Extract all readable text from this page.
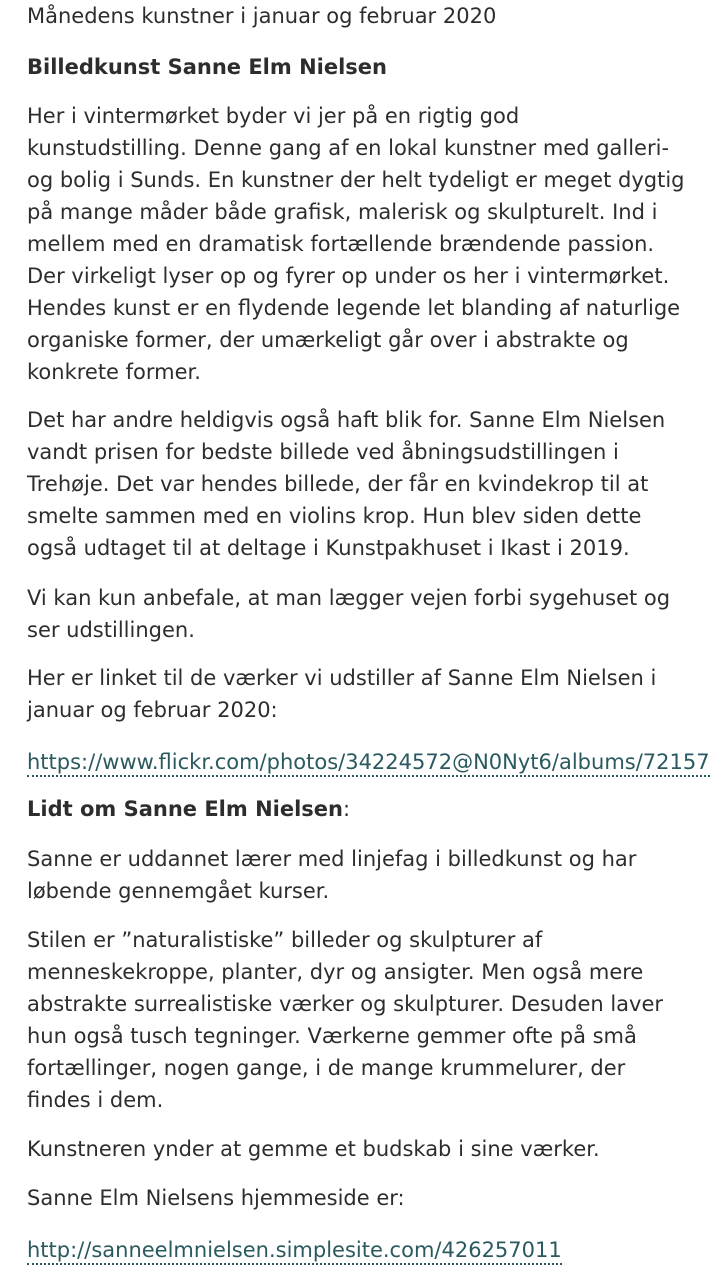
Månedens kunstner i januar og februar 2020

Billedkunst Sanne Elm Nielsen

Her i vintermørket byder vi jer på en rigtig god

kunstudstilling. Denne gang af en lokal kunstner med galleri-

og bolig i Sunds. En kunstner der helt tydeligt er meget dygtig

på mange måder både grafisk, malerisk og skulpturelt. Ind i

mellem med en dramatisk fortællende brændende passion.

Der virkeligt lyser op og fyrer op under os her i vintermørket.

Hendes kunst er en flydende legende let blanding af naturlige

organiske former, der umærkeligt går over i abstrakte og

konkrete former.

Det har andre heldigvis også haft blik for. Sanne Elm Nielsen

vandt prisen for bedste billede ved åbningsudstillingen i

Trehøje. Det var hendes billede, der får en kvindekrop til at

smelte sammen med en violins krop. Hun blev siden dette

også udtaget til at deltage i Kunstpakhuset i Ikast i 2019.

Vi kan kun anbefale, at man lægger vejen forbi sygehuset og

ser udstillingen.

Her er linket til de værker vi udstiller af Sanne Elm Nielsen i

januar og februar 2020:

https://www.flickr.com/photos/34224572@N0Nyt6/albums/72157

Lidt om Sanne Elm Nielsen:

Sanne er uddannet lærer med linjefag i billedkunst og har

løbende gennemgået kurser.

Stilen er ”naturalistiske” billeder og skulpturer af

menneskekroppe, planter, dyr og ansigter. Men også mere

abstrakte surrealistiske værker og skulpturer. Desuden laver

hun også tusch tegninger. Værkerne gemmer ofte på små

fortællinger, nogen gange, i de mange krummelurer, der

findes i dem.

Kunstneren ynder at gemme et budskab i sine værker.

Sanne Elm Nielsens hjemmeside er:

http://sanneelmnielsen.simplesite.com/426257011
